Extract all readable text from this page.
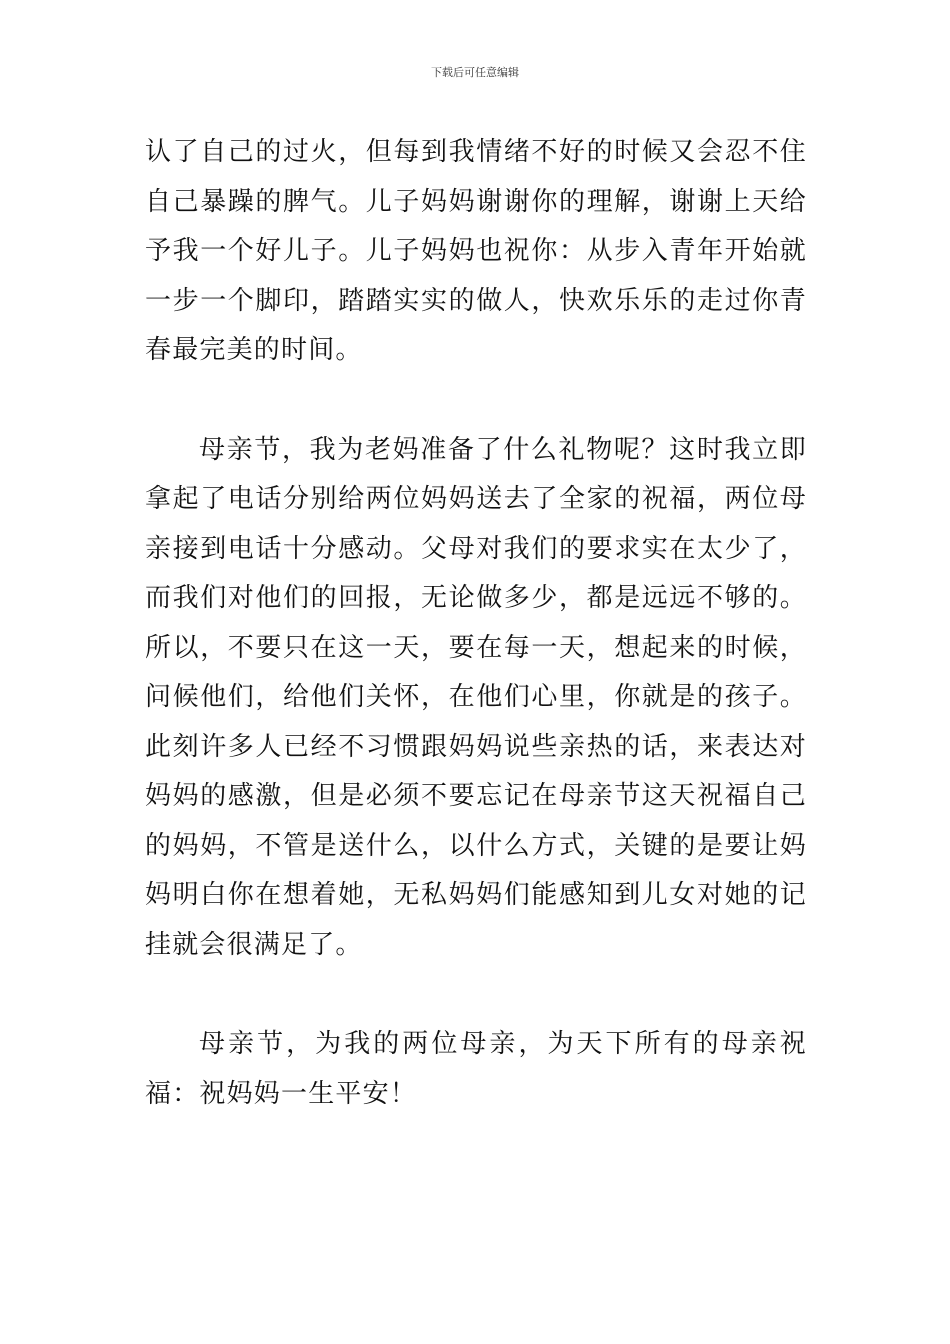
下载后可任意编辑

认了自己的过火，但每到我情绪不好的时候又会忍不住自己暴躁的脾气。儿子妈妈谢谢你的理解，谢谢上天给予我一个好儿子。儿子妈妈也祝你：从步入青年开始就一步一个脚印，踏踏实实的做人，快欢乐乐的走过你青春最完美的时间。

母亲节，我为老妈准备了什么礼物呢？这时我立即拿起了电话分别给两位妈妈送去了全家的祝福，两位母亲接到电话十分感动。父母对我们的要求实在太少了，而我们对他们的回报，无论做多少，都是远远不够的。所以，不要只在这一天，要在每一天，想起来的时候，问候他们，给他们关怀，在他们心里，你就是的孩子。此刻许多人已经不习惯跟妈妈说些亲热的话，来表达对妈妈的感激，但是必须不要忘记在母亲节这天祝福自己的妈妈，不管是送什么，以什么方式，关键的是要让妈妈明白你在想着她，无私妈妈们能感知到儿女对她的记挂就会很满足了。

母亲节，为我的两位母亲，为天下所有的母亲祝福：祝妈妈一生平安！
